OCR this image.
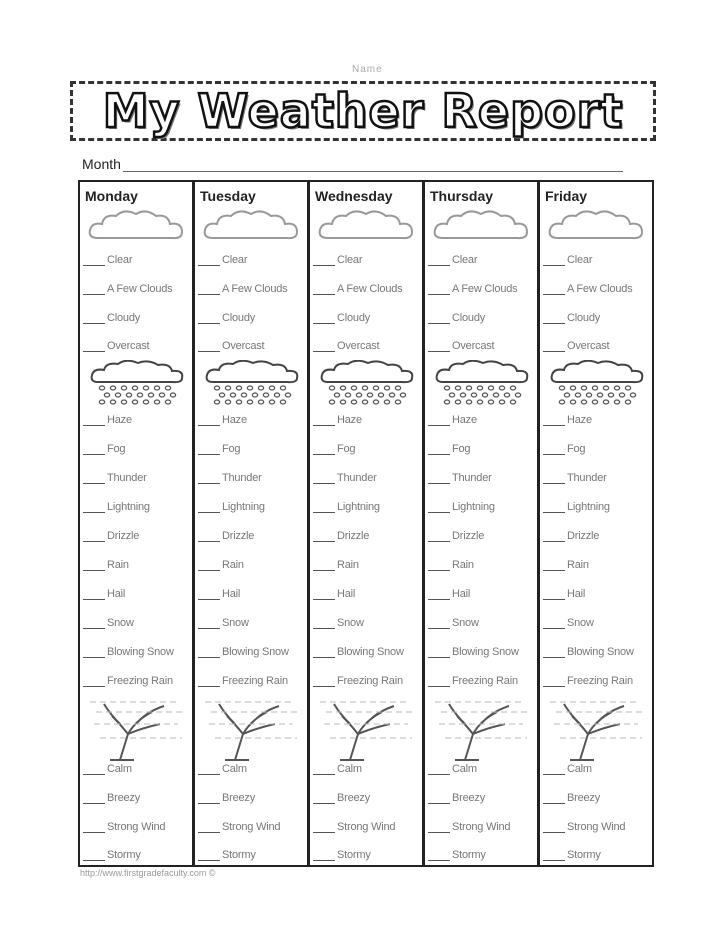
Name
My Weather Report
Month
Monday
Clear
A Few Clouds
Cloudy
Overcast
Haze
Fog
Thunder
Lightning
Drizzle
Rain
Hail
Snow
Blowing Snow
Freezing Rain
Calm
Breezy
Strong Wind
Stormy
Tuesday
Clear
A Few Clouds
Cloudy
Overcast
Haze
Fog
Thunder
Lightning
Drizzle
Rain
Hail
Snow
Blowing Snow
Freezing Rain
Calm
Breezy
Strong Wind
Stormy
Wednesday
Clear
A Few Clouds
Cloudy
Overcast
Haze
Fog
Thunder
Lightning
Drizzle
Rain
Hail
Snow
Blowing Snow
Freezing Rain
Calm
Breezy
Strong Wind
Stormy
Thursday
Clear
A Few Clouds
Cloudy
Overcast
Haze
Fog
Thunder
Lightning
Drizzle
Rain
Hail
Snow
Blowing Snow
Freezing Rain
Calm
Breezy
Strong Wind
Stormy
Friday
Clear
A Few Clouds
Cloudy
Overcast
Haze
Fog
Thunder
Lightning
Drizzle
Rain
Hail
Snow
Blowing Snow
Freezing Rain
Calm
Breezy
Strong Wind
Stormy
http://www.firstgradefaculty.com ©
